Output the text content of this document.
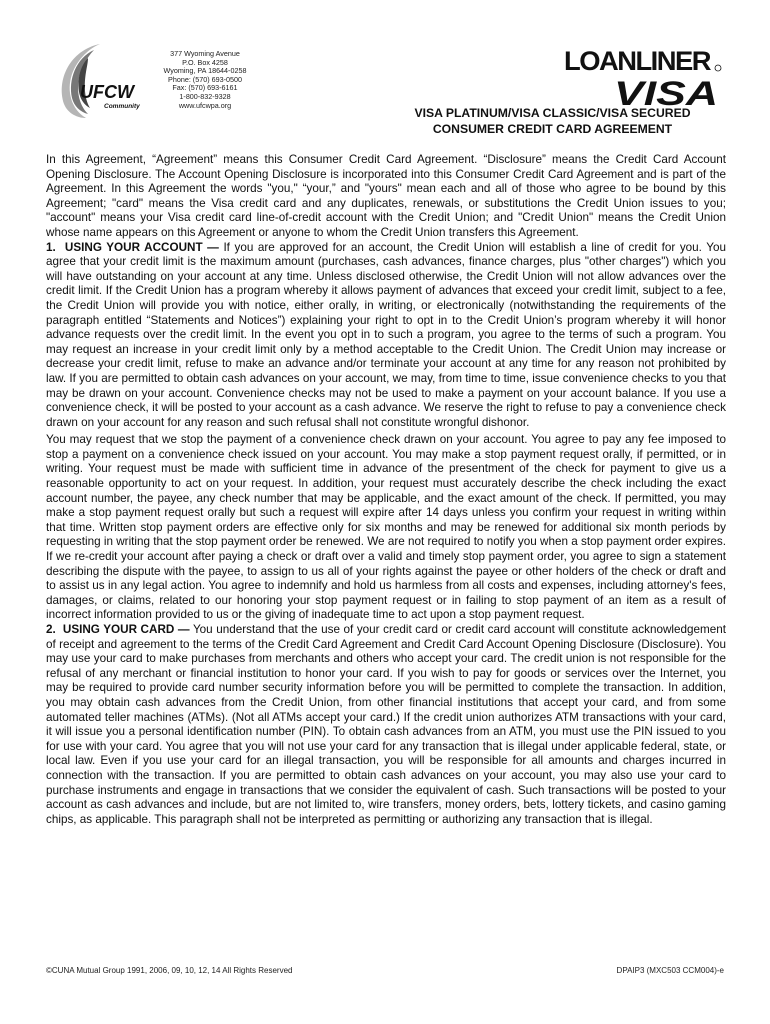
UFCW
Community
377 Wyoming Avenue
P.O. Box 4258
Wyoming, PA 18644-0258
Phone: (570) 693-0500
Fax: (570) 693-6161
1-800-832-9328
www.ufcwpa.org
LOANLINER
VISA
VISA PLATINUM/VISA CLASSIC/VISA SECURED
CONSUMER CREDIT CARD AGREEMENT

In this Agreement, “Agreement” means this Consumer Credit Card Agreement. “Disclosure” means the Credit Card Account Opening Disclosure. The Account Opening Disclosure is incorporated into this Consumer Credit Card Agreement and is part of the Agreement. In this Agreement the words "you," “your,” and "yours" mean each and all of those who agree to be bound by this Agreement; "card" means the Visa credit card and any duplicates, renewals, or substitutions the Credit Union issues to you; "account" means your Visa credit card line-of-credit account with the Credit Union; and "Credit Union" means the Credit Union whose name appears on this Agreement or anyone to whom the Credit Union transfers this Agreement.

1. USING YOUR ACCOUNT — If you are approved for an account, the Credit Union will establish a line of credit for you. You agree that your credit limit is the maximum amount (purchases, cash advances, finance charges, plus "other charges") which you will have outstanding on your account at any time. Unless disclosed otherwise, the Credit Union will not allow advances over the credit limit. If the Credit Union has a program whereby it allows payment of advances that exceed your credit limit, subject to a fee, the Credit Union will provide you with notice, either orally, in writing, or electronically (notwithstanding the requirements of the paragraph entitled “Statements and Notices”) explaining your right to opt in to the Credit Union’s program whereby it will honor advance requests over the credit limit. In the event you opt in to such a program, you agree to the terms of such a program. You may request an increase in your credit limit only by a method acceptable to the Credit Union. The Credit Union may increase or decrease your credit limit, refuse to make an advance and/or terminate your account at any time for any reason not prohibited by law. If you are permitted to obtain cash advances on your account, we may, from time to time, issue convenience checks to you that may be drawn on your account. Convenience checks may not be used to make a payment on your account balance. If you use a convenience check, it will be posted to your account as a cash advance. We reserve the right to refuse to pay a convenience check drawn on your account for any reason and such refusal shall not constitute wrongful dishonor.

You may request that we stop the payment of a convenience check drawn on your account. You agree to pay any fee imposed to stop a payment on a convenience check issued on your account. You may make a stop payment request orally, if permitted, or in writing. Your request must be made with sufficient time in advance of the presentment of the check for payment to give us a reasonable opportunity to act on your request. In addition, your request must accurately describe the check including the exact account number, the payee, any check number that may be applicable, and the exact amount of the check. If permitted, you may make a stop payment request orally but such a request will expire after 14 days unless you confirm your request in writing within that time. Written stop payment orders are effective only for six months and may be renewed for additional six month periods by requesting in writing that the stop payment order be renewed. We are not required to notify you when a stop payment order expires. If we re-credit your account after paying a check or draft over a valid and timely stop payment order, you agree to sign a statement describing the dispute with the payee, to assign to us all of your rights against the payee or other holders of the check or draft and to assist us in any legal action. You agree to indemnify and hold us harmless from all costs and expenses, including attorney's fees, damages, or claims, related to our honoring your stop payment request or in failing to stop payment of an item as a result of incorrect information provided to us or the giving of inadequate time to act upon a stop payment request.

2. USING YOUR CARD — You understand that the use of your credit card or credit card account will constitute acknowledgement of receipt and agreement to the terms of the Credit Card Agreement and Credit Card Account Opening Disclosure (Disclosure). You may use your card to make purchases from merchants and others who accept your card. The credit union is not responsible for the refusal of any merchant or financial institution to honor your card. If you wish to pay for goods or services over the Internet, you may be required to provide card number security information before you will be permitted to complete the transaction. In addition, you may obtain cash advances from the Credit Union, from other financial institutions that accept your card, and from some automated teller machines (ATMs). (Not all ATMs accept your card.) If the credit union authorizes ATM transactions with your card, it will issue you a personal identification number (PIN). To obtain cash advances from an ATM, you must use the PIN issued to you for use with your card. You agree that you will not use your card for any transaction that is illegal under applicable federal, state, or local law. Even if you use your card for an illegal transaction, you will be responsible for all amounts and charges incurred in connection with the transaction. If you are permitted to obtain cash advances on your account, you may also use your card to purchase instruments and engage in transactions that we consider the equivalent of cash. Such transactions will be posted to your account as cash advances and include, but are not limited to, wire transfers, money orders, bets, lottery tickets, and casino gaming chips, as applicable. This paragraph shall not be interpreted as permitting or authorizing any transaction that is illegal.

©CUNA Mutual Group 1991, 2006, 09, 10, 12, 14 All Rights Reserved	DPAIP3 (MXC503 CCM004)-e
